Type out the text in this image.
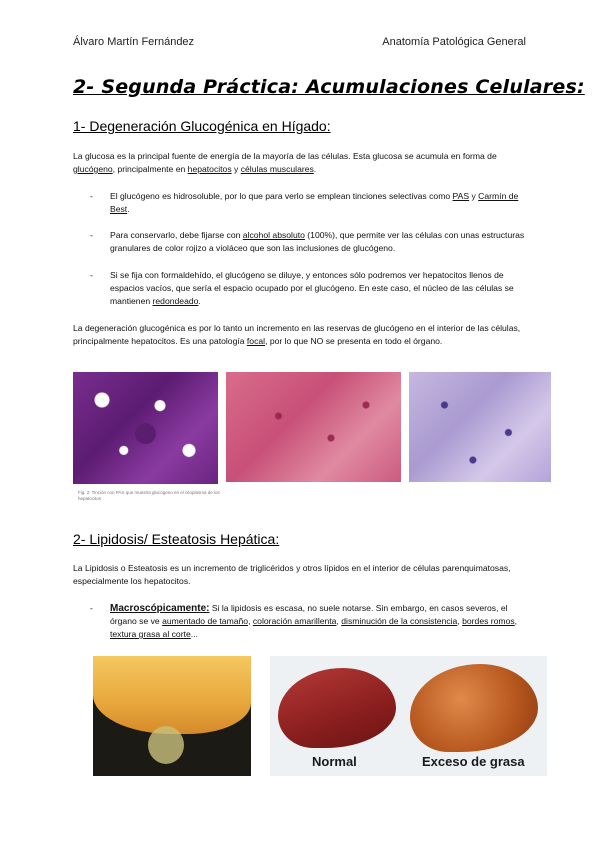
Álvaro Martín Fernández	Anatomía Patológica General
2- Segunda Práctica: Acumulaciones Celulares:
1- Degeneración Glucogénica en Hígado:
La glucosa es la principal fuente de energía de la mayoría de las células. Esta glucosa se acumula en forma de glucógeno, principalmente en hepatocitos y células musculares.
- El glucógeno es hidrosoluble, por lo que para verlo se emplean tinciones selectivas como PAS y Carmín de Best.
- Para conservarlo, debe fijarse con alcohol absoluto (100%), que permite ver las células con unas estructuras granulares de color rojizo a violáceo que son las inclusiones de glucógeno.
- Si se fija con formaldehído, el glucógeno se diluye, y entonces sólo podremos ver hepatocitos llenos de espacios vacíos, que sería el espacio ocupado por el glucógeno. En este caso, el núcleo de las células se mantienen redondeado.
La degeneración glucogénica es por lo tanto un incremento en las reservas de glucógeno en el interior de las células, principalmente hepatocitos. Es una patología focal, por lo que NO se presenta en todo el órgano.
Fig. 2: Tinción con PAS que muestra glucógeno en el citoplasma de los hepatocitos
2- Lipidosis/ Esteatosis Hepática:
La Lipidosis o Esteatosis es un incremento de triglicéridos y otros lípidos en el interior de células parenquimatosas, especialmente los hepatocitos.
- Macroscópicamente: Si la lipidosis es escasa, no suele notarse. Sin embargo, en casos severos, el órgano se ve aumentado de tamaño, coloración amarillenta, disminución de la consistencia, bordes romos, textura grasa al corte...
Normal	Exceso de grasa
